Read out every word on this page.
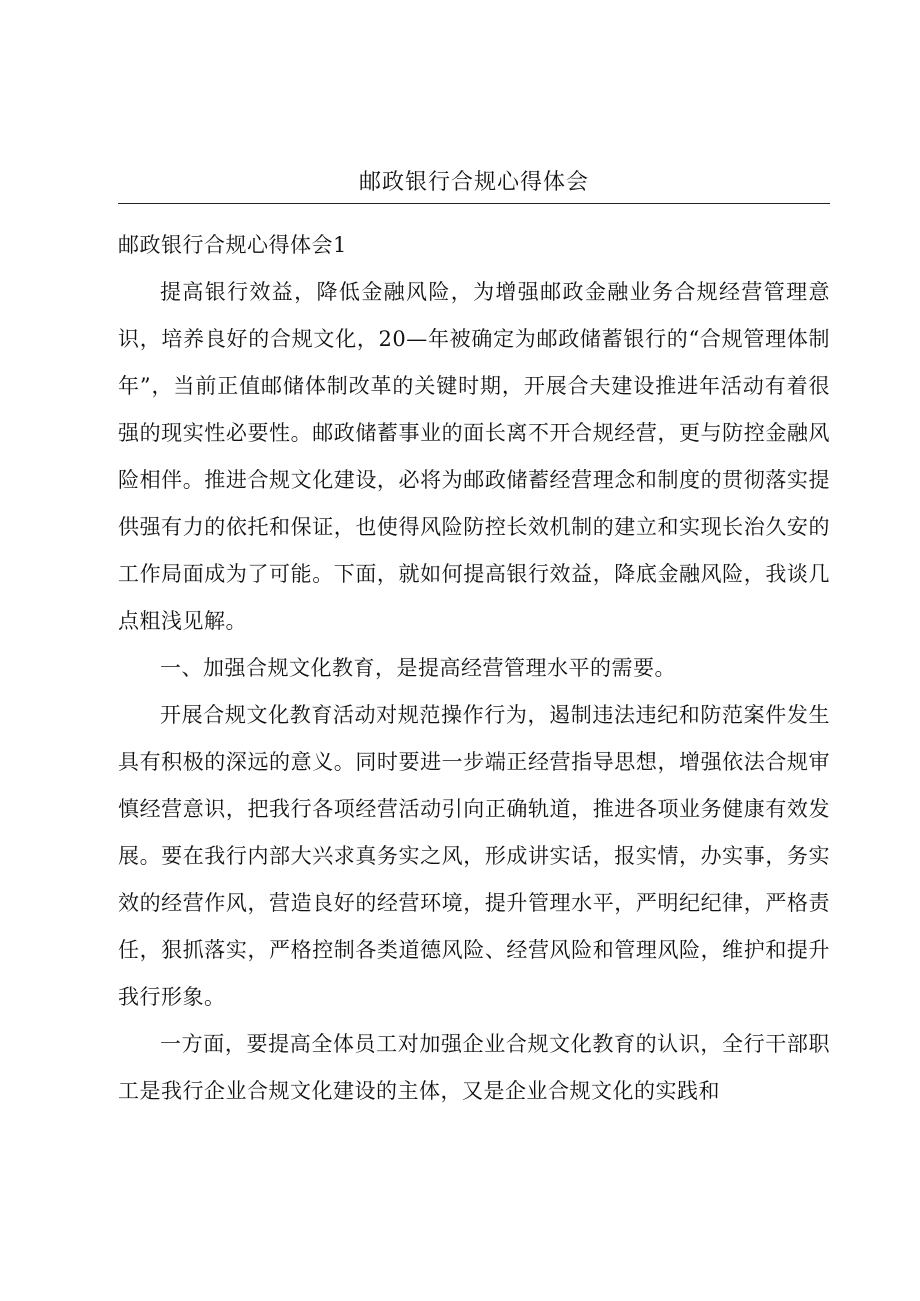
邮政银行合规心得体会

邮政银行合规心得体会1

提高银行效益，降低金融风险，为增强邮政金融业务合规经营管理意识，培养良好的合规文化，20—年被确定为邮政储蓄银行的“合规管理体制年”，当前正值邮储体制改革的关键时期，开展合夫建设推进年活动有着很强的现实性必要性。邮政储蓄事业的面长离不开合规经营，更与防控金融风险相伴。推进合规文化建设，必将为邮政储蓄经营理念和制度的贯彻落实提供强有力的依托和保证，也使得风险防控长效机制的建立和实现长治久安的工作局面成为了可能。下面，就如何提高银行效益，降底金融风险，我谈几点粗浅见解。

一、加强合规文化教育，是提高经营管理水平的需要。

开展合规文化教育活动对规范操作行为，遏制违法违纪和防范案件发生具有积极的深远的意义。同时要进一步端正经营指导思想，增强依法合规审慎经营意识，把我行各项经营活动引向正确轨道，推进各项业务健康有效发展。要在我行内部大兴求真务实之风，形成讲实话，报实情，办实事，务实效的经营作风，营造良好的经营环境，提升管理水平，严明纪纪律，严格责任，狠抓落实，严格控制各类道德风险、经营风险和管理风险，维护和提升我行形象。

一方面，要提高全体员工对加强企业合规文化教育的认识，全行干部职工是我行企业合规文化建设的主体，又是企业合规文化的实践和
